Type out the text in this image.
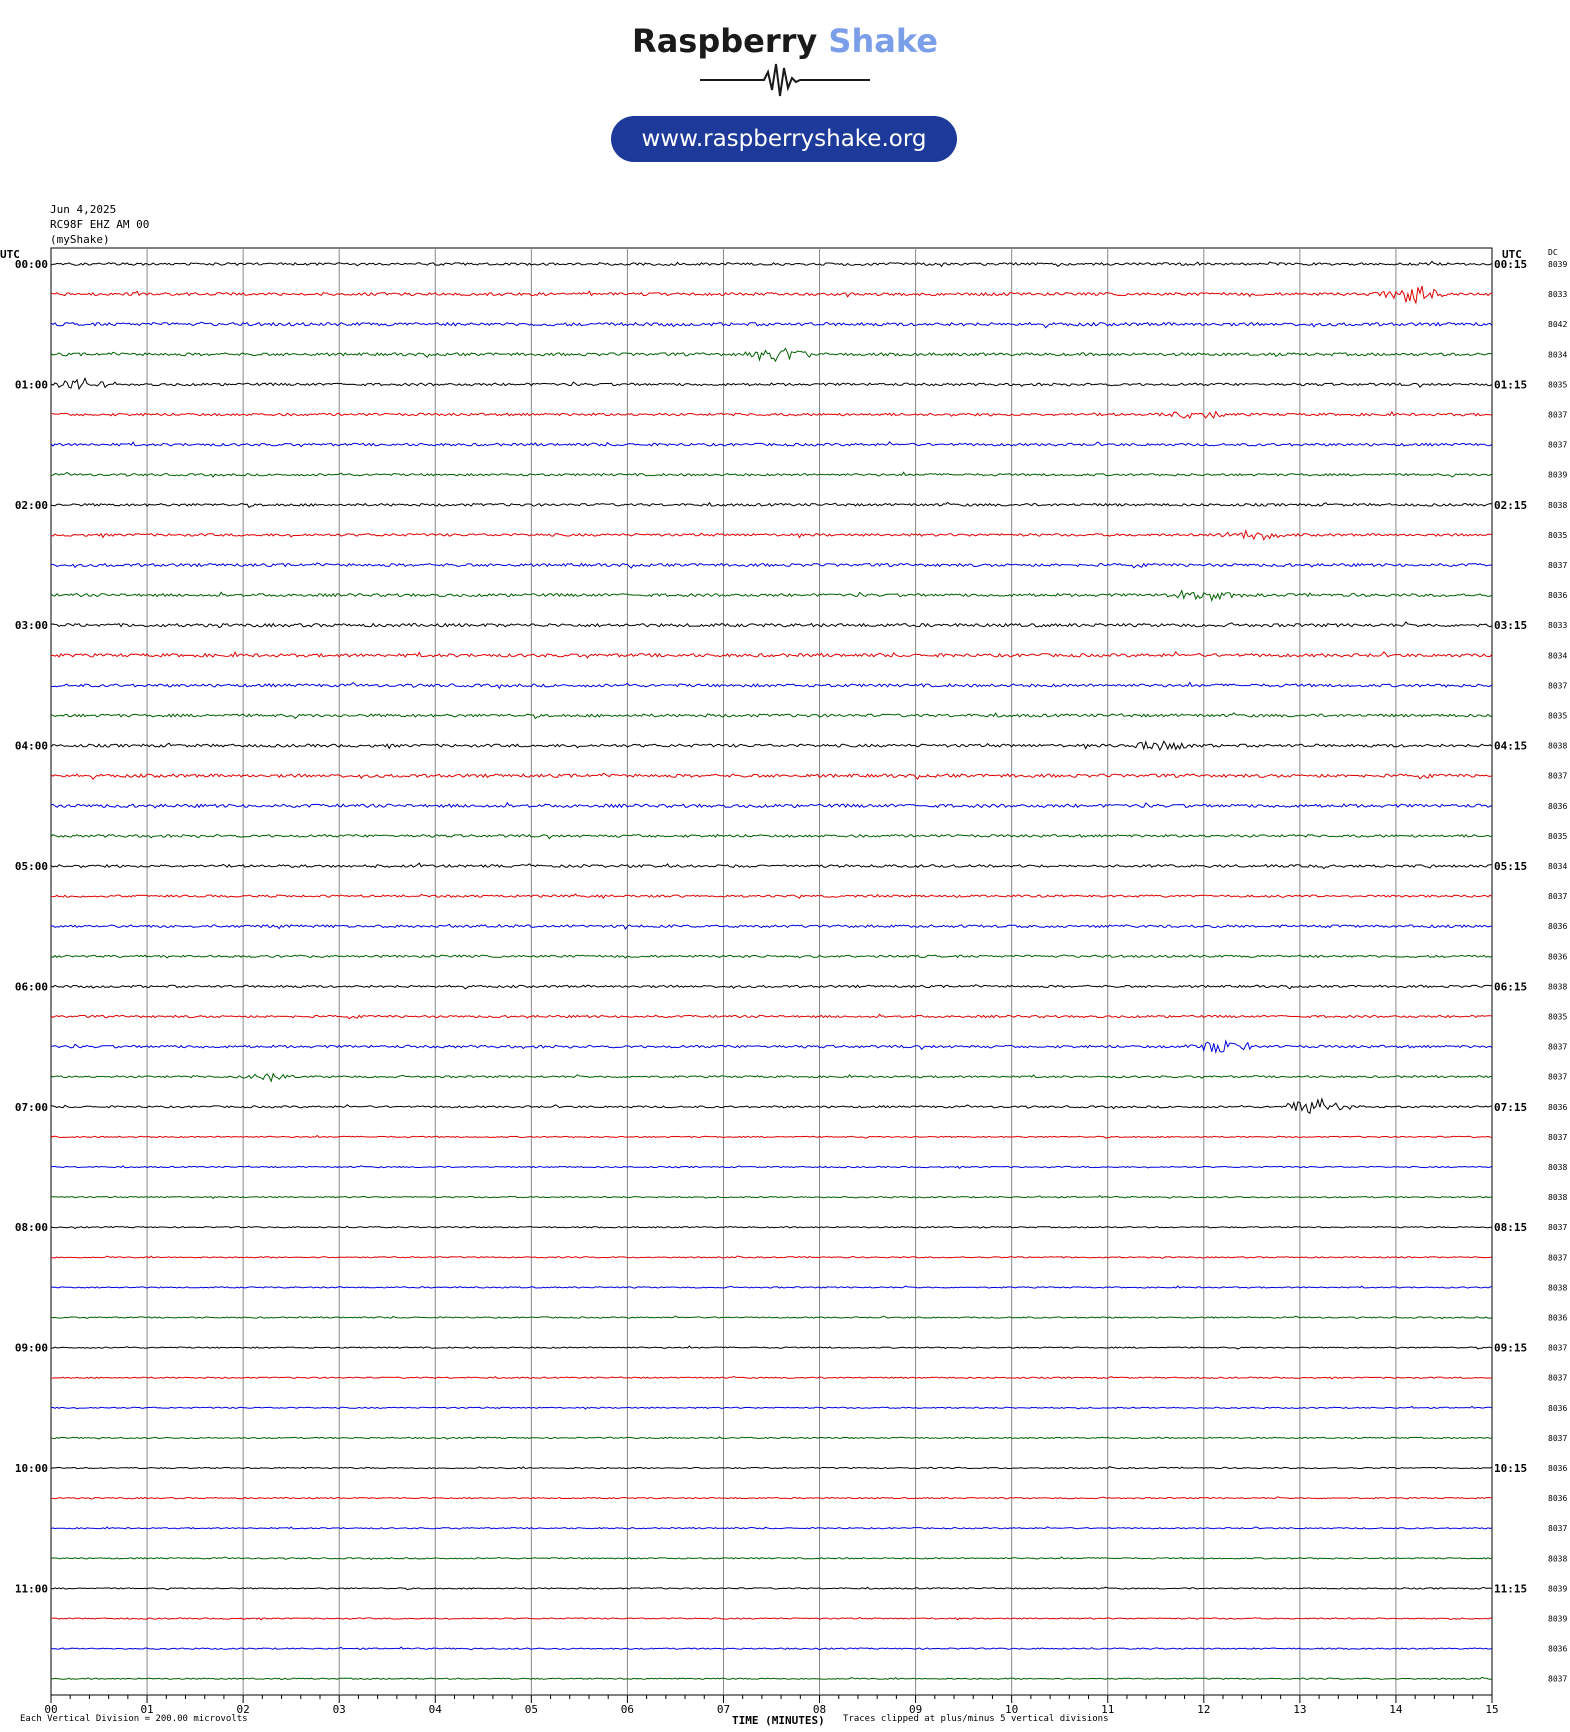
Raspberry Shake
www.raspberryshake.org
Jun 4,2025
RC98F EHZ AM 00
(myShake)
00	01	02	03	04	05	06	07	08	09	10	11	12	13	14	15
UTC	UTC	DC
8039
00:00	00:15
8033
8042
8034
8035
01:00	01:15
8037
8037
8039
8038
02:00	02:15
8035
8037
8036
8033
03:00	03:15
8034
8037
8035
8038
04:00	04:15
8037
8036
8035
8034
05:00	05:15
8037
8036
8036
8038
06:00	06:15
8035
8037
8037
8036
07:00	07:15
8037
8038
8038
8037
08:00	08:15
8037
8038
8036
8037
09:00	09:15
8037
8036
8037
8036
10:00	10:15
8036
8037
8038
8039
11:00	11:15
8039
8036
8037
Each Vertical Division = 200.00 microvolts	TIME (MINUTES) Traces clipped at plus/minus 5 vertical divisions
